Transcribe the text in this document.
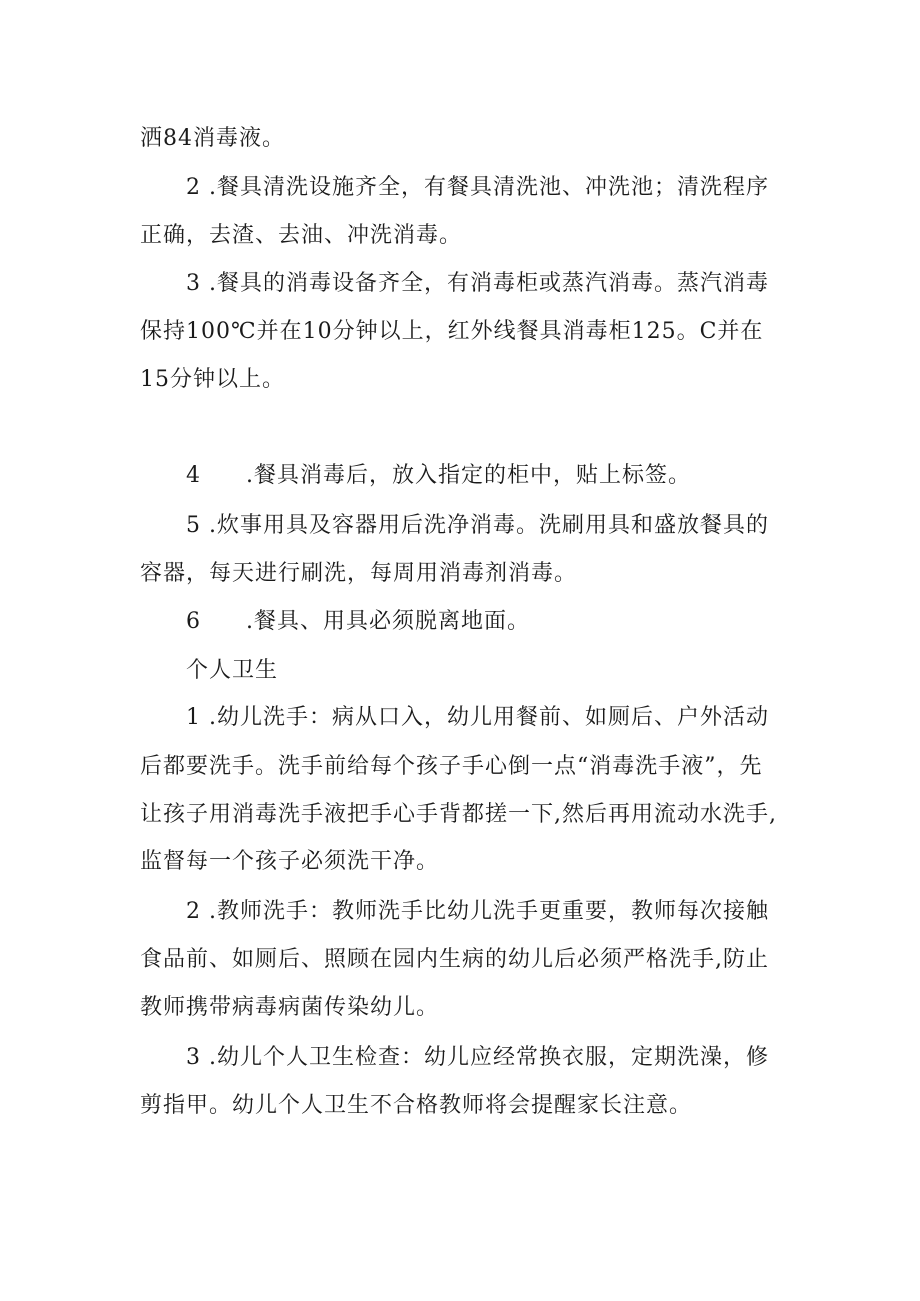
洒84消毒液。

2 .餐具清洗设施齐全，有餐具清洗池、冲洗池；清洗程序

正确，去渣、去油、冲洗消毒。

3 .餐具的消毒设备齐全，有消毒柜或蒸汽消毒。蒸汽消毒

保持100℃并在10分钟以上，红外线餐具消毒柜125。C并在

15分钟以上。

4 .餐具消毒后，放入指定的柜中，贴上标签。

5 .炊事用具及容器用后洗净消毒。洗刷用具和盛放餐具的

容器，每天进行刷洗，每周用消毒剂消毒。

6 .餐具、用具必须脱离地面。

个人卫生

1 .幼儿洗手：病从口入，幼儿用餐前、如厕后、户外活动

后都要洗手。洗手前给每个孩子手心倒一点“消毒洗手液”，先

让孩子用消毒洗手液把手心手背都搓一下,然后再用流动水洗手,

监督每一个孩子必须洗干净。

2 .教师洗手：教师洗手比幼儿洗手更重要，教师每次接触

食品前、如厕后、照顾在园内生病的幼儿后必须严格洗手,防止

教师携带病毒病菌传染幼儿。

3 .幼儿个人卫生检查：幼儿应经常换衣服，定期洗澡，修

剪指甲。幼儿个人卫生不合格教师将会提醒家长注意。
